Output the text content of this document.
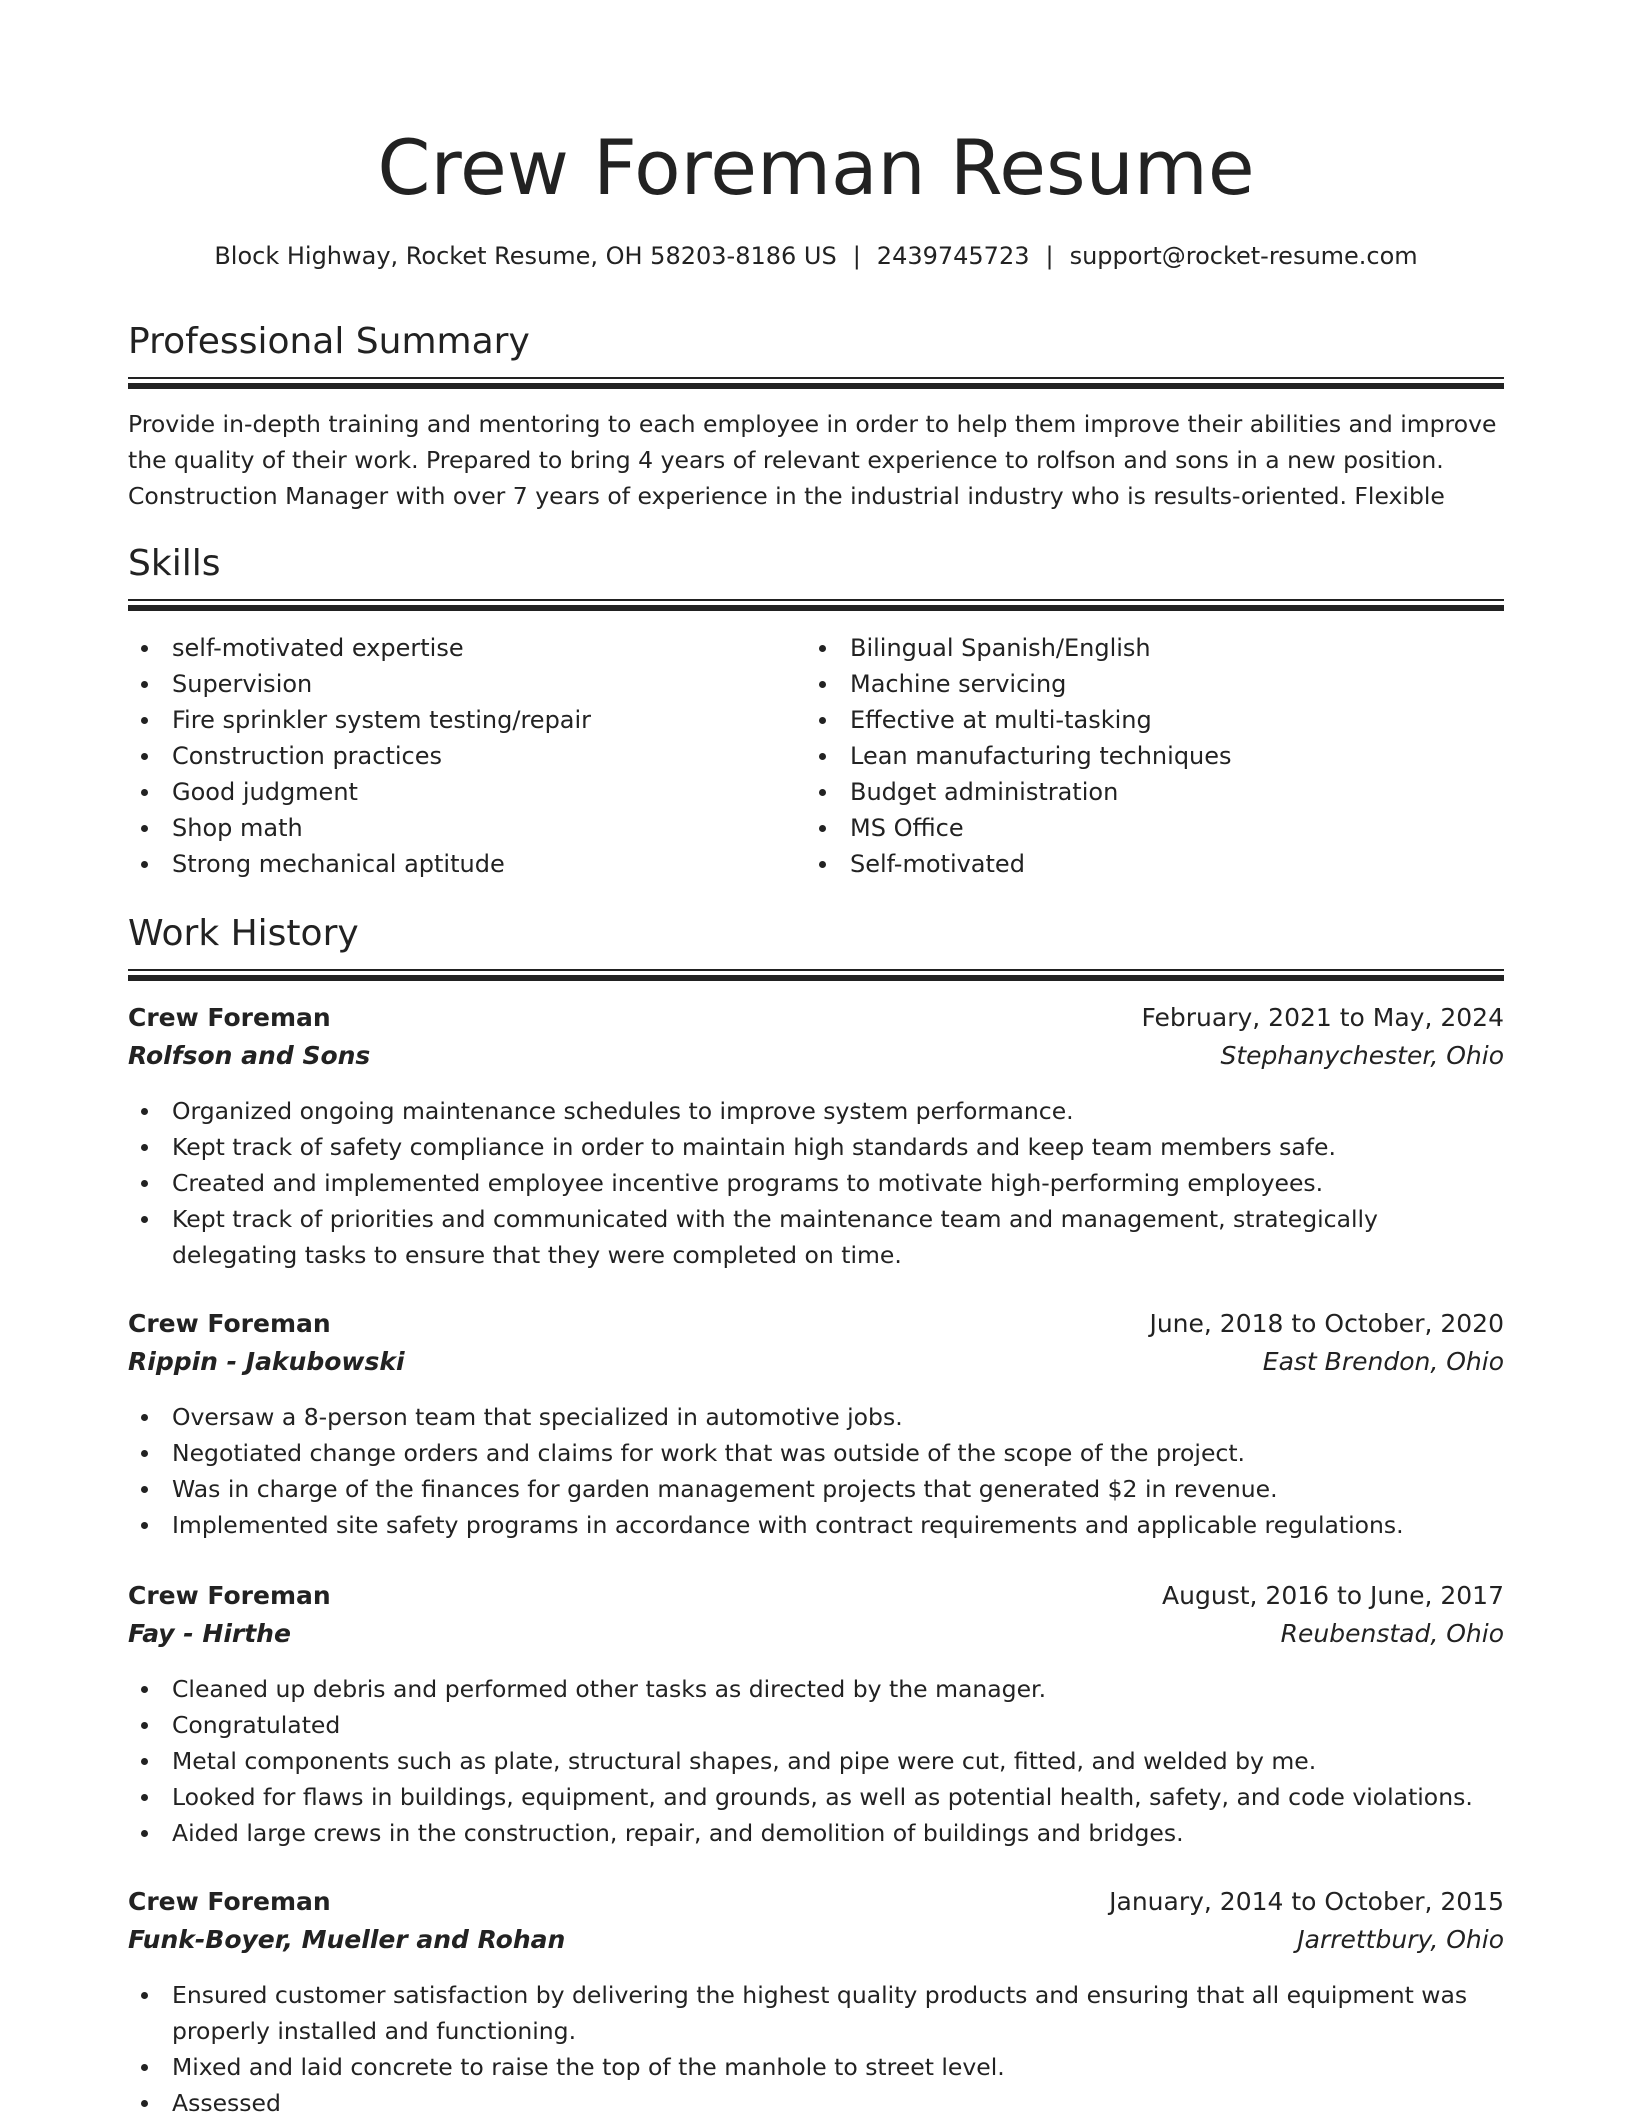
Crew Foreman Resume
Block Highway, Rocket Resume, OH 58203-8186 US | 2439745723 | support@rocket-resume.com
Professional Summary

Provide in-depth training and mentoring to each employee in order to help them improve their abilities and improve the quality of their work. Prepared to bring 4 years of relevant experience to rolfson and sons in a new position. Construction Manager with over 7 years of experience in the industrial industry who is results-oriented. Flexible

Skills
self-motivated expertise
Supervision
Fire sprinkler system testing/repair
Construction practices
Good judgment
Shop math
Strong mechanical aptitude
Bilingual Spanish/English
Machine servicing
Effective at multi-tasking
Lean manufacturing techniques
Budget administration
MS Office
Self-motivated
Work History
Crew Foreman	February, 2021 to May, 2024
Rolfson and Sons	Stephanychester, Ohio
Organized ongoing maintenance schedules to improve system performance.
Kept track of safety compliance in order to maintain high standards and keep team members safe.
Created and implemented employee incentive programs to motivate high-performing employees.
Kept track of priorities and communicated with the maintenance team and management, strategically delegating tasks to ensure that they were completed on time.
Crew Foreman	June, 2018 to October, 2020
Rippin - Jakubowski	East Brendon, Ohio
Oversaw a 8-person team that specialized in automotive jobs.
Negotiated change orders and claims for work that was outside of the scope of the project.
Was in charge of the finances for garden management projects that generated $2 in revenue.
Implemented site safety programs in accordance with contract requirements and applicable regulations.
Crew Foreman	August, 2016 to June, 2017
Fay - Hirthe	Reubenstad, Ohio
Cleaned up debris and performed other tasks as directed by the manager.
Congratulated
Metal components such as plate, structural shapes, and pipe were cut, fitted, and welded by me.
Looked for flaws in buildings, equipment, and grounds, as well as potential health, safety, and code violations.
Aided large crews in the construction, repair, and demolition of buildings and bridges.
Crew Foreman	January, 2014 to October, 2015
Funk-Boyer, Mueller and Rohan	Jarrettbury, Ohio
Ensured customer satisfaction by delivering the highest quality products and ensuring that all equipment was properly installed and functioning.
Mixed and laid concrete to raise the top of the manhole to street level.
Assessed
